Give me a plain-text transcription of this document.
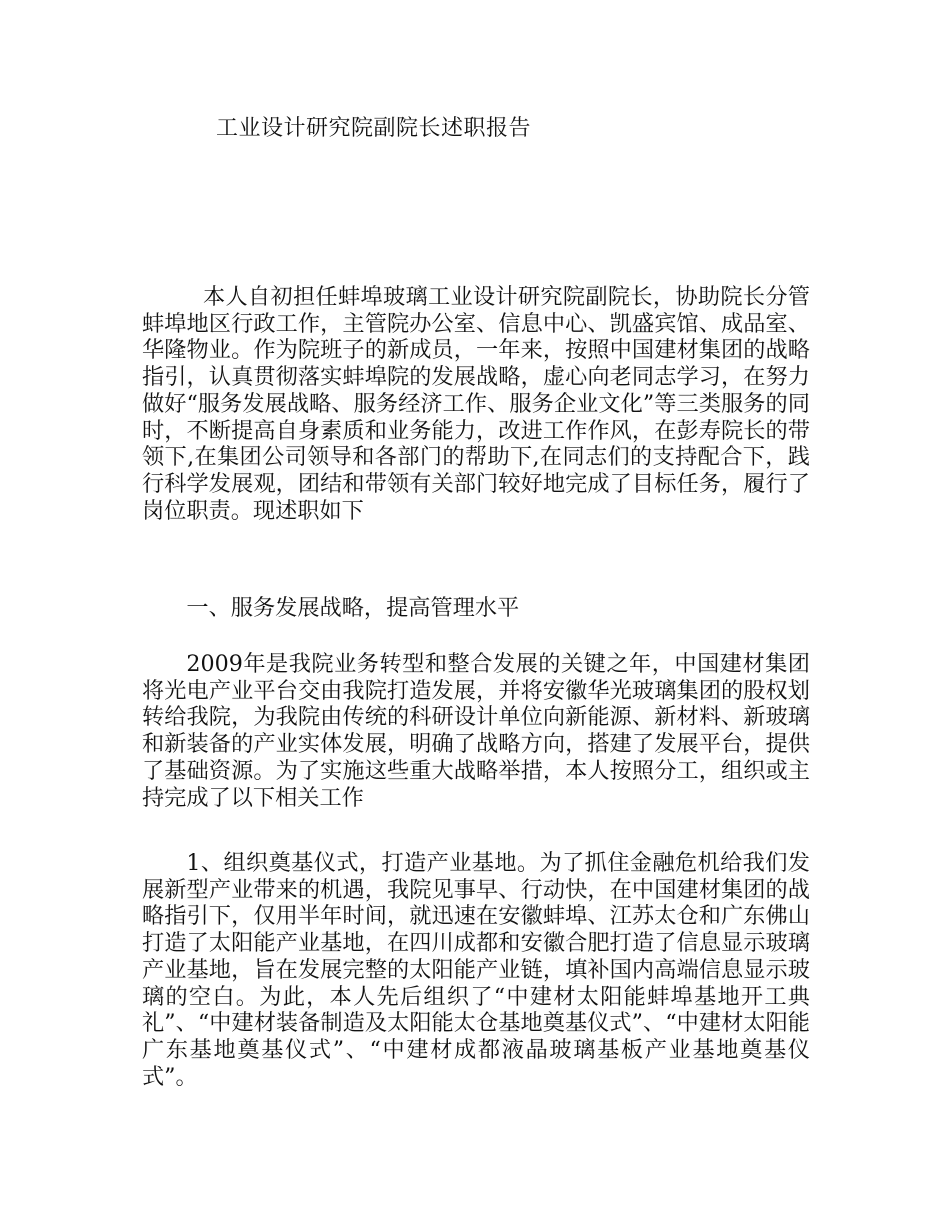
工业设计研究院副院长述职报告

本人自初担任蚌埠玻璃工业设计研究院副院长，协助院长分管蚌埠地区行政工作，主管院办公室、信息中心、凯盛宾馆、成品室、华隆物业。作为院班子的新成员，一年来，按照中国建材集团的战略指引，认真贯彻落实蚌埠院的发展战略，虚心向老同志学习，在努力做好“服务发展战略、服务经济工作、服务企业文化”等三类服务的同时，不断提高自身素质和业务能力，改进工作作风，在彭寿院长的带领下,在集团公司领导和各部门的帮助下,在同志们的支持配合下，践行科学发展观，团结和带领有关部门较好地完成了目标任务，履行了岗位职责。现述职如下

一、服务发展战略，提高管理水平

2009年是我院业务转型和整合发展的关键之年，中国建材集团将光电产业平台交由我院打造发展，并将安徽华光玻璃集团的股权划转给我院，为我院由传统的科研设计单位向新能源、新材料、新玻璃和新装备的产业实体发展，明确了战略方向，搭建了发展平台，提供了基础资源。为了实施这些重大战略举措，本人按照分工，组织或主持完成了以下相关工作

1、组织奠基仪式，打造产业基地。为了抓住金融危机给我们发展新型产业带来的机遇，我院见事早、行动快，在中国建材集团的战略指引下，仅用半年时间，就迅速在安徽蚌埠、江苏太仓和广东佛山打造了太阳能产业基地，在四川成都和安徽合肥打造了信息显示玻璃产业基地，旨在发展完整的太阳能产业链，填补国内高端信息显示玻璃的空白。为此，本人先后组织了“中建材太阳能蚌埠基地开工典礼”、“中建材装备制造及太阳能太仓基地奠基仪式”、“中建材太阳能广东基地奠基仪式”、“中建材成都液晶玻璃基板产业基地奠基仪式”。
